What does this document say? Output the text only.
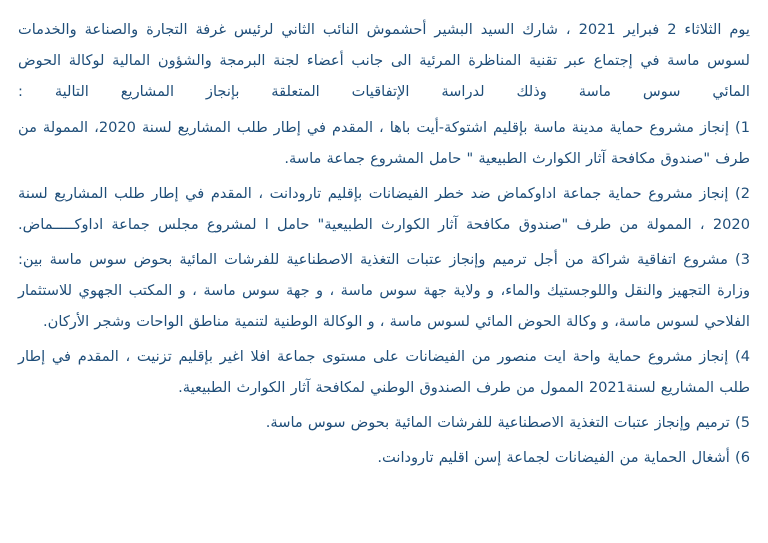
يوم الثلاثاء 2 فبراير 2021 ، شارك السيد البشير أحشموش النائب الثاني لرئيس غرفة التجارة والصناعة والخدمات لسوس ماسة في إجتماع عبر تقنية المناظرة المرئية الى جانب أعضاء لجنة البرمجة والشؤون المالية لوكالة الحوض المائي سوس ماسة وذلك لدراسة الإتفاقيات المتعلقة بإنجاز المشاريع التالية :

1) إنجاز مشروع حماية مدينة ماسة بإقليم اشتوكة-أيت باها ، المقدم في إطار طلب المشاريع لسنة 2020، الممولة من طرف "صندوق مكافحة آثار الكوارث الطبيعية " حامل المشروع جماعة ماسة.

2) إنجاز مشروع حماية جماعة اداوكماض ضد خطر الفيضانات بإقليم تارودانت ، المقدم في إطار طلب المشاريع لسنة 2020 ، الممولة من طرف "صندوق مكافحة آثار الكوارث الطبيعية" حامل ا لمشروع مجلس جماعة اداوكـــــماض.

3) مشروع اتفاقية شراكة من أجل ترميم وإنجاز عتبات التغذية الاصطناعية للفرشات المائية بحوض سوس ماسة بين: وزارة التجهيز والنقل واللوجستيك والماء، و ولاية جهة سوس ماسة ، و جهة سوس ماسة ، و المكتب الجهوي للاستثمار الفلاحي لسوس ماسة، و وكالة الحوض المائي لسوس ماسة ، و الوكالة الوطنية لتنمية مناطق الواحات وشجر الأركان.

4) إنجاز مشروع حماية واحة ايت منصور من الفيضانات على مستوى جماعة افلا اغير بإقليم تزنيت ، المقدم في إطار طلب المشاريع لسنة2021 الممول من طرف الصندوق الوطني لمكافحة آثار الكوارث الطبيعية.

5) ترميم وإنجاز عتبات التغذية الاصطناعية للفرشات المائية بحوض سوس ماسة.

6) أشغال الحماية من الفيضانات لجماعة إسن اقليم تارودانت.
